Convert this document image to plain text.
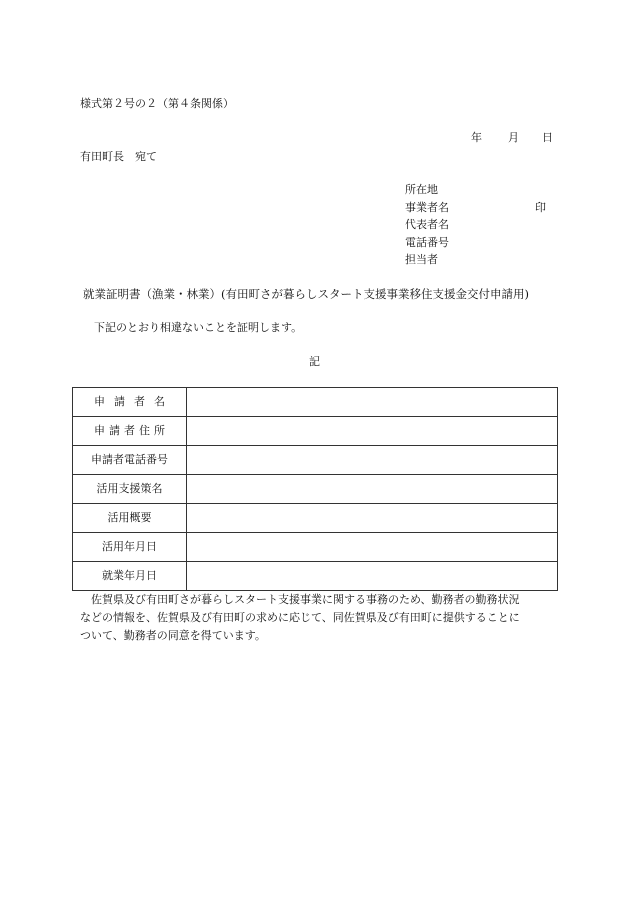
様式第２号の２（第４条関係）
年 月 日
有田町長　宛て
所在地
事業者名	印
代表者名
電話番号
担当者
就業証明書（漁業・林業）(有田町さが暮らしスタート支援事業移住支援金交付申請用)
下記のとおり相違ないことを証明します。
記
申請者名	
申請者住所	
申請者電話番号	
活用支援策名	
活用概要	
活用年月日	
就業年月日	
　佐賀県及び有田町さが暮らしスタート支援事業に関する事務のため、勤務者の勤務状況
などの情報を、佐賀県及び有田町の求めに応じて、同佐賀県及び有田町に提供することに
ついて、勤務者の同意を得ています。
